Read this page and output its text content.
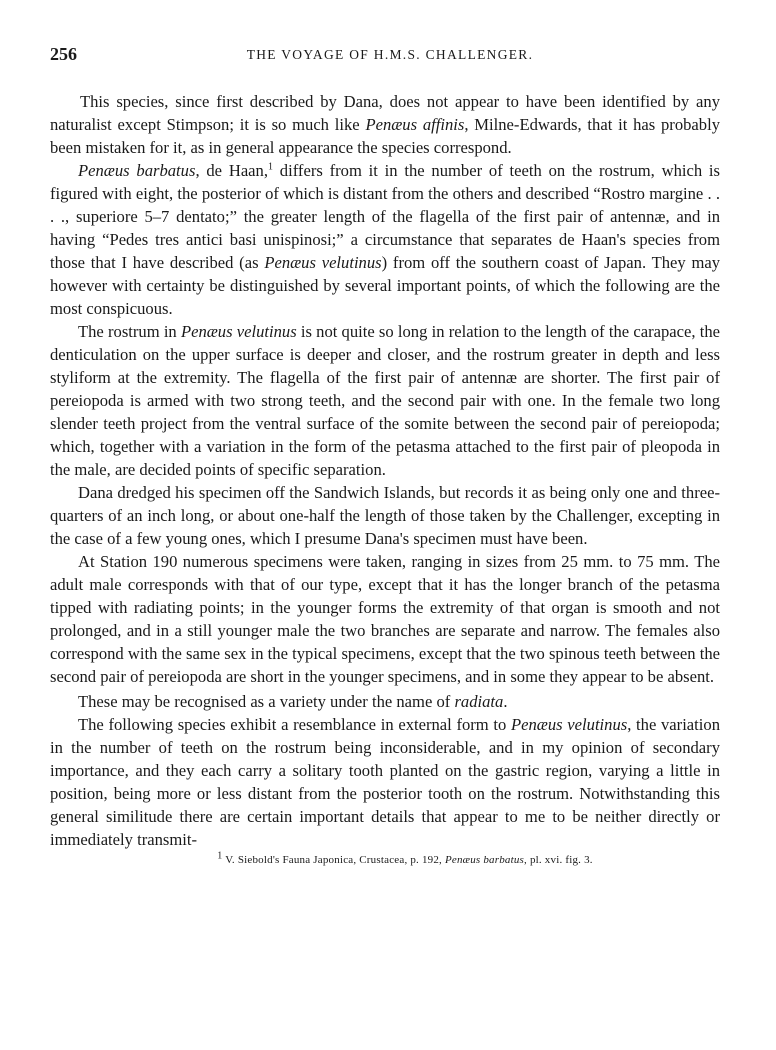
256	THE VOYAGE OF H.M.S. CHALLENGER.

This species, since first described by Dana, does not appear to have been identified by any naturalist except Stimpson; it is so much like Penæus affinis, Milne-Edwards, that it has probably been mistaken for it, as in general appearance the species correspond.

Penæus barbatus, de Haan,$^1$ differs from it in the number of teeth on the rostrum, which is figured with eight, the posterior of which is distant from the others and described “Rostro margine . . . ., superiore 5–7 dentato;” the greater length of the flagella of the first pair of antennæ, and in having “Pedes tres antici basi unispinosi;” a circumstance that separates de Haan's species from those that I have described (as Penæus velutinus) from off the southern coast of Japan. They may however with certainty be distinguished by several important points, of which the following are the most conspicuous.

The rostrum in Penæus velutinus is not quite so long in relation to the length of the carapace, the denticulation on the upper surface is deeper and closer, and the rostrum greater in depth and less styliform at the extremity. The flagella of the first pair of antennæ are shorter. The first pair of pereiopoda is armed with two strong teeth, and the second pair with one. In the female two long slender teeth project from the ventral surface of the somite between the second pair of pereiopoda; which, together with a variation in the form of the petasma attached to the first pair of pleopoda in the male, are decided points of specific separation.

Dana dredged his specimen off the Sandwich Islands, but records it as being only one and three-quarters of an inch long, or about one-half the length of those taken by the Challenger, excepting in the case of a few young ones, which I presume Dana's specimen must have been.

At Station 190 numerous specimens were taken, ranging in sizes from 25 mm. to 75 mm. The adult male corresponds with that of our type, except that it has the longer branch of the petasma tipped with radiating points; in the younger forms the extremity of that organ is smooth and not prolonged, and in a still younger male the two branches are separate and narrow. The females also correspond with the same sex in the typical specimens, except that the two spinous teeth between the second pair of pereiopoda are short in the younger specimens, and in some they appear to be absent.

These may be recognised as a variety under the name of radiata.

The following species exhibit a resemblance in external form to Penæus velutinus, the variation in the number of teeth on the rostrum being inconsiderable, and in my opinion of secondary importance, and they each carry a solitary tooth planted on the gastric region, varying a little in position, being more or less distant from the posterior tooth on the rostrum. Notwithstanding this general similitude there are certain important details that appear to me to be neither directly or immediately transmit-

$^1$ V. Siebold's Fauna Japonica, Crustacea, p. 192, Penæus barbatus, pl. xvi. fig. 3.
